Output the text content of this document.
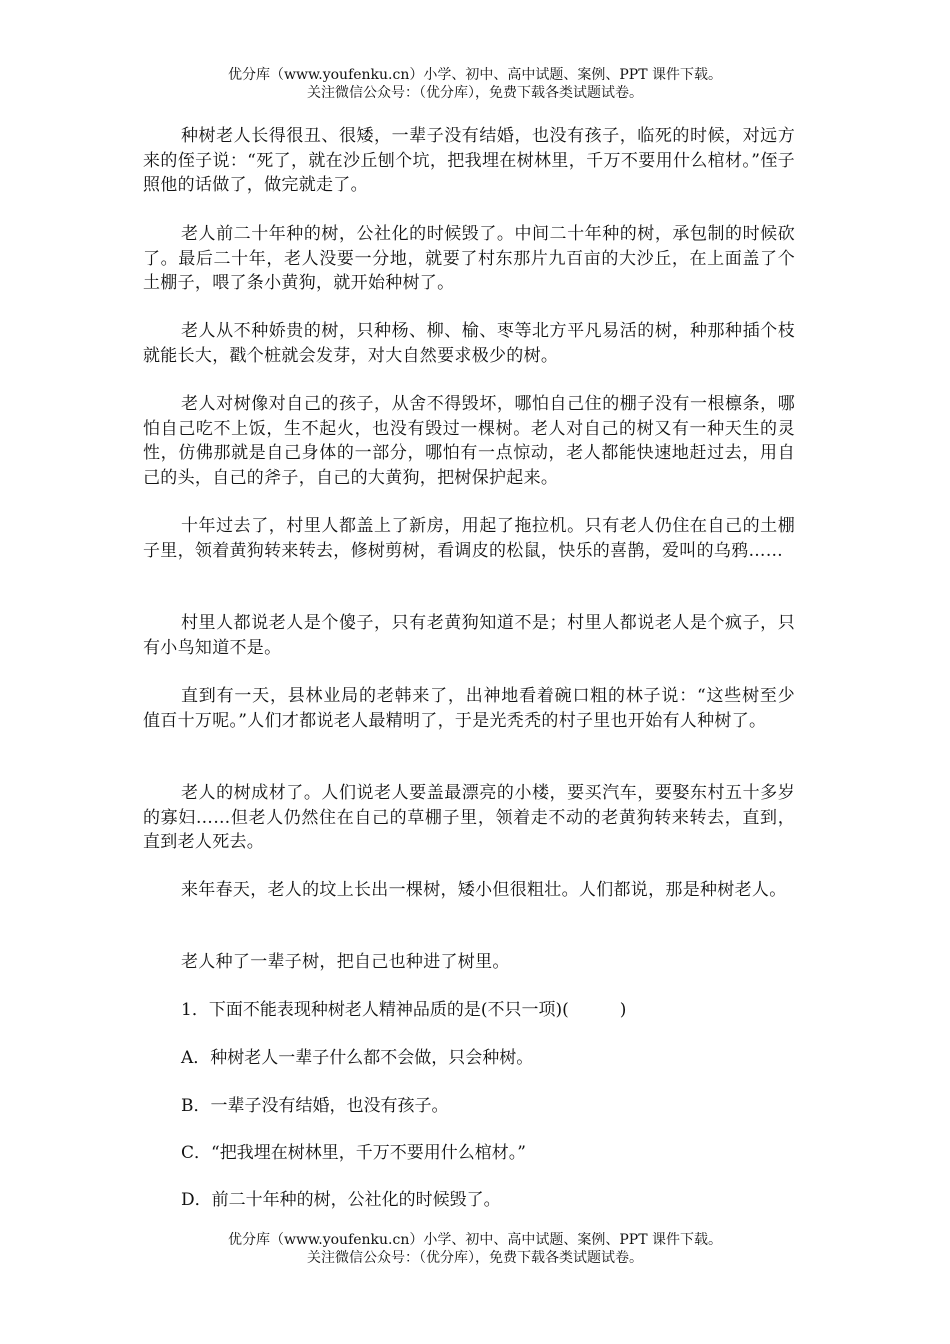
优分库（www.youfenku.cn）小学、初中、高中试题、案例、PPT 课件下载。
关注微信公众号：（优分库），免费下载各类试题试卷。

种树老人长得很丑、很矮，一辈子没有结婚，也没有孩子，临死的时候，对远方来的侄子说：“死了，就在沙丘刨个坑，把我埋在树林里，千万不要用什么棺材。”侄子照他的话做了，做完就走了。

老人前二十年种的树，公社化的时候毁了。中间二十年种的树，承包制的时候砍了。最后二十年，老人没要一分地，就要了村东那片九百亩的大沙丘，在上面盖了个土棚子，喂了条小黄狗，就开始种树了。

老人从不种娇贵的树，只种杨、柳、榆、枣等北方平凡易活的树，种那种插个枝就能长大，戳个桩就会发芽，对大自然要求极少的树。

老人对树像对自己的孩子，从舍不得毁坏，哪怕自己住的棚子没有一根檩条，哪怕自己吃不上饭，生不起火，也没有毁过一棵树。老人对自己的树又有一种天生的灵性，仿佛那就是自己身体的一部分，哪怕有一点惊动，老人都能快速地赶过去，用自己的头，自己的斧子，自己的大黄狗，把树保护起来。

十年过去了，村里人都盖上了新房，用起了拖拉机。只有老人仍住在自己的土棚子里，领着黄狗转来转去，修树剪树，看调皮的松鼠，快乐的喜鹊，爱叫的乌鸦……

村里人都说老人是个傻子，只有老黄狗知道不是；村里人都说老人是个疯子，只有小鸟知道不是。

直到有一天，县林业局的老韩来了，出神地看着碗口粗的林子说：“这些树至少值百十万呢。”人们才都说老人最精明了，于是光秃秃的村子里也开始有人种树了。

老人的树成材了。人们说老人要盖最漂亮的小楼，要买汽车，要娶东村五十多岁的寡妇……但老人仍然住在自己的草棚子里，领着走不动的老黄狗转来转去，直到，直到老人死去。

来年春天，老人的坟上长出一棵树，矮小但很粗壮。人们都说，那是种树老人。

老人种了一辈子树，把自己也种进了树里。

1．下面不能表现种树老人精神品质的是(不只一项)(　　　)

A．种树老人一辈子什么都不会做，只会种树。

B．一辈子没有结婚，也没有孩子。

C．“把我埋在树林里，千万不要用什么棺材。”

D．前二十年种的树，公社化的时候毁了。

优分库（www.youfenku.cn）小学、初中、高中试题、案例、PPT 课件下载。
关注微信公众号：（优分库），免费下载各类试题试卷。
